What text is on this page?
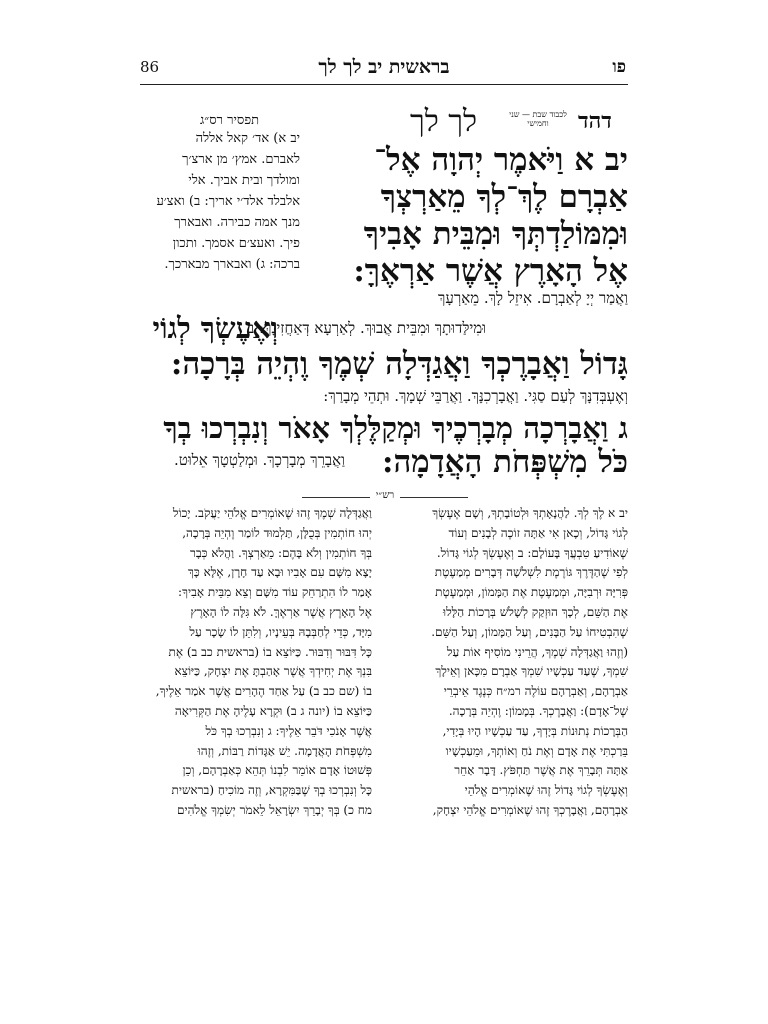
86	בראשית יב לך לך	פו
תפסיר רס״ג
יב א) אד׳ קאל אללה
לאברם. אמץ׳ מן ארצ׳ך
ומולדך ובית אביך. אלי
אלבלד אלד׳י אריך: ב) ואצ׳ע
מנך אמה כבירה. ואבארך
פיך. ואעצ׳ם אסמך. ותכון
ברכה: ג) ואבארך מבארכך.
לכבוד שבת — שני וחמישי	דהד
לך לך
יב א וַיֹּאמֶר יְהוָה אֶל־
אַבְרָם לֶךְ־לְךָ מֵאַרְצְךָ
וּמִמּוֹלַדְתְּךָ וּמִבֵּית אָבִיךָ
אֶל הָאָרֶץ אֲשֶׁר אַרְאֶךָּ:
וַאֲמַר יְיָ לְאַבְרָם. אִיזֵל לָךְ. מֵאַרְעָךְ
וּמִילַּדוּתָךְ וּמִבֵּית אֲבוּךְ. לְאַרְעָא דְּאַחֲזִינָךְ: ב
וְאֶעֶשְׂךָ לְגוֹי
גָּדוֹל וַאֲבָרֶכְךָ וַאֲגַדְּלָה שְׁמֶךָ וֶהְיֵה בְּרָכָה:
וְאֶעְבְּדִנָּךְ לְעַם סַגִּי. וַאֲבָרְכִנָּךְ. וַאֲרַבֵּי שְׁמָךְ. וּתְהֵי מְבָרַךְ:
ג וַאֲבָרְכָה מְבָרְכֶיךָ וּמְקַלֶּלְךָ אָאֹר וְנִבְרְכוּ בְךָ
כֹּל מִשְׁפְּחֹת הָאֲדָמָה:
וַאֲבָרֵךְ מְבָרְכָךְ. וּמְלַטְטָךְ אֵלוּט.
רש״י
יב א לֶךְ לְךָ. לַהֲנָאָתְךָ וּלְטוֹבָתְךָ, וְשָׁם אֶעֶשְׂךָ
לְגוֹי גָּדוֹל, וְכָאן אִי אַתָּה זוֹכֶה לְבָנִים וְעוֹד
שֶׁאוֹדִיעַ טִבְעֲךָ בָּעוֹלָם: ב וְאֶעֶשְׂךָ לְגוֹי גָּדוֹל.
לְפִי שֶׁהַדֶּרֶךְ גּוֹרֶמֶת לִשְׁלֹשָׁה דְּבָרִים מְמַעֶטֶת
פְּרִיָּה וּרְבִיָּה, וּמְמַעֶטֶת אֶת הַמָּמוֹן, וּמְמַעֶטֶת
אֶת הַשֵּׁם, לְכָךְ הוּזְקַק לְשָׁלֹשׁ בְּרָכוֹת הַלָּלוּ
שֶׁהִבְטִיחוֹ עַל הַבָּנִים, וְעַל הַמָּמוֹן, וְעַל הַשֵּׁם.
(וְזֶהוּ וַאֲגַדְּלָה שְׁמֶךָ, הֲרֵינִי מוֹסִיף אוֹת עַל
שִׁמְךָ, שֶׁעַד עַכְשָׁיו שִׁמְךָ אַבְרָם מִכָּאן וְאֵילָךְ
אַבְרָהָם, וְאַבְרָהָם עוֹלֶה רמ״ח כְּנֶגֶד אֵיבְרֵי
שֶׁל־אָדָם): וַאֲבָרֶכְךָ. בְּמָמוֹן: וֶהְיֵה בְּרָכָה.
הַבְּרָכוֹת נְתוּנוֹת בְּיָדְךָ, עַד עַכְשָׁיו הָיוּ בְּיָדִי,
בֵּרַכְתִּי אֶת אָדָם וְאֶת נֹחַ וְאוֹתְךָ, וּמֵעַכְשָׁיו
אַתָּה תְּבָרֵךְ אֶת אֲשֶׁר תַּחְפֹּץ. דָּבָר אַחֵר
וְאֶעֶשְׂךָ לְגוֹי גָּדוֹל זֶהוּ שֶׁאוֹמְרִים אֱלֹהֵי
אַבְרָהָם, וַאֲבָרֶכְךָ זֶהוּ שֶׁאוֹמְרִים אֱלֹהֵי יִצְחָק,
וַאֲגַדְּלָה שְׁמֶךָ זֶהוּ שֶׁאוֹמְרִים אֱלֹהֵי יַעֲקֹב. יָכוֹל
יְהוּ חוֹתְמִין בְּכֻלָּן, תַּלְמוּד לוֹמַר וֶהְיֵה בְּרָכָה,
בְּךָ חוֹתְמִין וְלֹא בָּהֶם: מֵאַרְצְךָ. וַהֲלֹא כְּבָר
יָצָא מִשָּׁם עִם אָבִיו וּבָא עַד חָרָן, אֶלָּא כָּךְ
אָמַר לוֹ הִתְרַחֵק עוֹד מִשָּׁם וְצֵא מִבֵּית אָבִיךָ:
אֶל הָאָרֶץ אֲשֶׁר אַרְאֶךָּ. לֹא גִּלָּה לוֹ הָאָרֶץ
מִיָּד, כְּדֵי לְחַבְּבָהּ בְּעֵינָיו, וְלִתֵּן לוֹ שָׂכָר עַל
כָּל דִּבּוּר וְדִבּוּר. כַּיּוֹצֵא בוֹ (בראשית כב ב) אֶת
בִּנְךָ אֶת יְחִידְךָ אֲשֶׁר אָהַבְתָּ אֶת יִצְחָק, כַּיּוֹצֵא
בוֹ (שם כב ב) עַל אַחַד הֶהָרִים אֲשֶׁר אֹמַר אֵלֶיךָ,
כַּיּוֹצֵא בוֹ (יונה ג ב) וּקְרָא עָלֶיהָ אֶת הַקְּרִיאָה
אֲשֶׁר אָנֹכִי דֹּבֵר אֵלֶיךָ: ג וְנִבְרְכוּ בְךָ כֹּל
מִשְׁפְּחֹת הָאֲדָמָה. יֵשׁ אַגָּדוֹת רַבּוֹת, וְזֶהוּ
פְּשׁוּטוֹ אָדָם אוֹמֵר לִבְנוֹ תְּהֵא כְּאַבְרָהָם, וְכֵן
כָּל וְנִבְרְכוּ בְךָ שֶׁבַּמִּקְרָא, וְזֶה מוֹכִיחַ (בראשית
מח כ) בְּךָ יְבָרֵךְ יִשְׂרָאֵל לֵאמֹר יְשִׂמְךָ אֱלֹהִים
